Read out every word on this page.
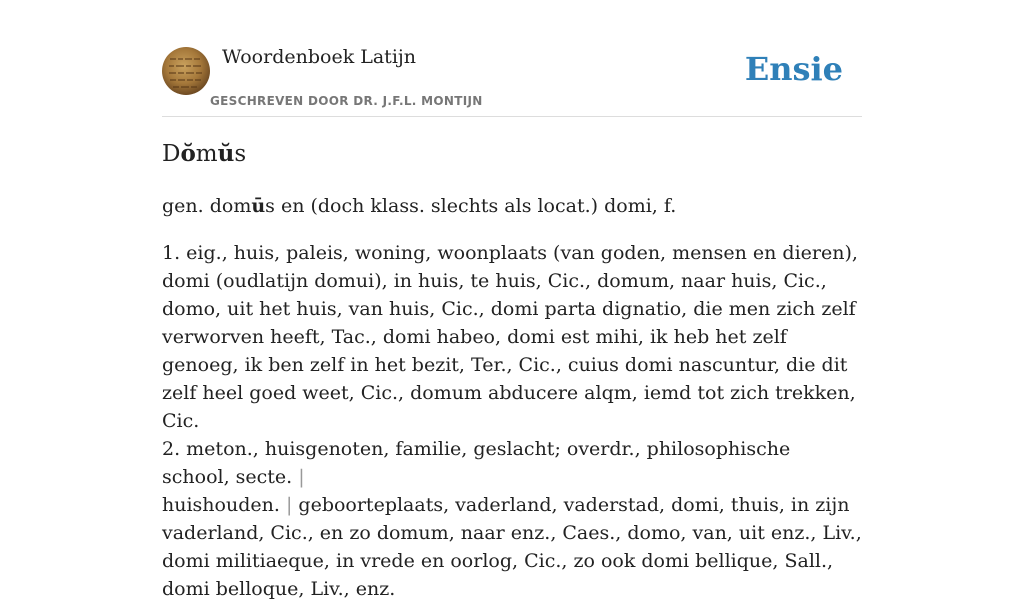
Woordenboek Latijn
GESCHREVEN DOOR DR. J.F.L. MONTIJN
Ensie
Dŏmŭs

gen. domūs en (doch klass. slechts als locat.) domi, f.

1. eig., huis, paleis, woning, woonplaats (van goden, mensen en dieren), domi (oudlatijn domui), in huis, te huis, Cic., domum, naar huis, Cic., domo, uit het huis, van huis, Cic., domi parta dignatio, die men zich zelf verworven heeft, Tac., domi habeo, domi est mihi, ik heb het zelf genoeg, ik ben zelf in het bezit, Ter., Cic., cuius domi nascuntur, die dit zelf heel goed weet, Cic., domum abducere alqm, iemd tot zich trekken, Cic.

2. meton., huisgenoten, familie, geslacht; overdr., philosophische school, secte. |
huishouden. | geboorteplaats, vaderland, vaderstad, domi, thuis, in zijn vaderland, Cic., en zo domum, naar enz., Caes., domo, van, uit enz., Liv., domi militiaeque, in vrede en oorlog, Cic., zo ook domi bellique, Sall., domi belloque, Liv., enz.
